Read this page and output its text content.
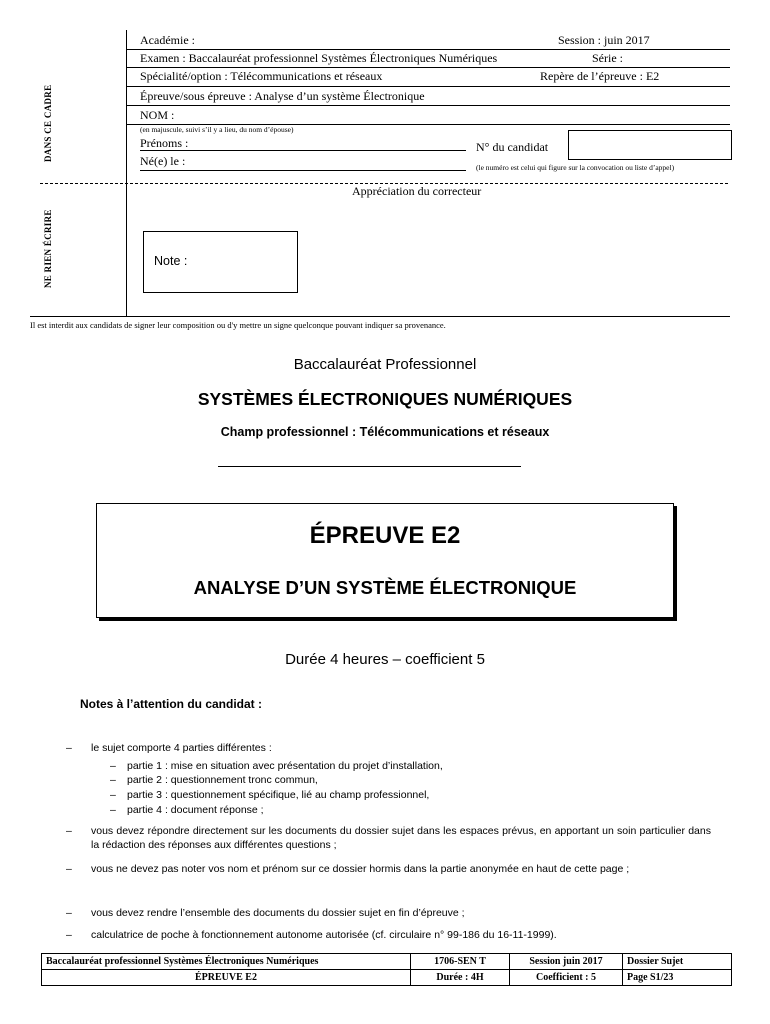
DANS CE CADRE
NE RIEN ÉCRIRE
Académie :	Session : juin 2017
Examen : Baccalauréat professionnel Systèmes Électroniques Numériques	Série :
Spécialité/option : Télécommunications et réseaux	Repère de l’épreuve : E2
Épreuve/sous épreuve : Analyse d’un système Électronique
NOM :
(en majuscule, suivi s’il y a lieu, du nom d’épouse)
Prénoms :	N° du candidat
Né(e) le :	(le numéro est celui qui figure sur la convocation ou liste d’appel)
Appréciation du correcteur
Note :
Il est interdit aux candidats de signer leur composition ou d'y mettre un signe quelconque pouvant indiquer sa provenance.
Baccalauréat Professionnel
SYSTÈMES ÉLECTRONIQUES NUMÉRIQUES
Champ professionnel : Télécommunications et réseaux
ÉPREUVE E2
ANALYSE D’UN SYSTÈME ÉLECTRONIQUE
Durée 4 heures – coefficient 5
Notes à l’attention du candidat :
– le sujet comporte 4 parties différentes :
– partie 1 : mise en situation avec présentation du projet d’installation,
– partie 2 : questionnement tronc commun,
– partie 3 : questionnement spécifique, lié au champ professionnel,
– partie 4 : document réponse ;
– vous devez répondre directement sur les documents du dossier sujet dans les espaces prévus, en apportant un soin particulier dans la rédaction des réponses aux différentes questions ;
– vous ne devez pas noter vos nom et prénom sur ce dossier hormis dans la partie anonymée en haut de cette page ;
– vous devez rendre l’ensemble des documents du dossier sujet en fin d’épreuve ;
– calculatrice de poche à fonctionnement autonome autorisée (cf. circulaire n° 99-186 du 16-11-1999).
Baccalauréat professionnel Systèmes Électroniques Numériques	1706-SEN T	Session juin 2017	Dossier Sujet
ÉPREUVE E2	Durée : 4H	Coefficient : 5	Page S1/23
